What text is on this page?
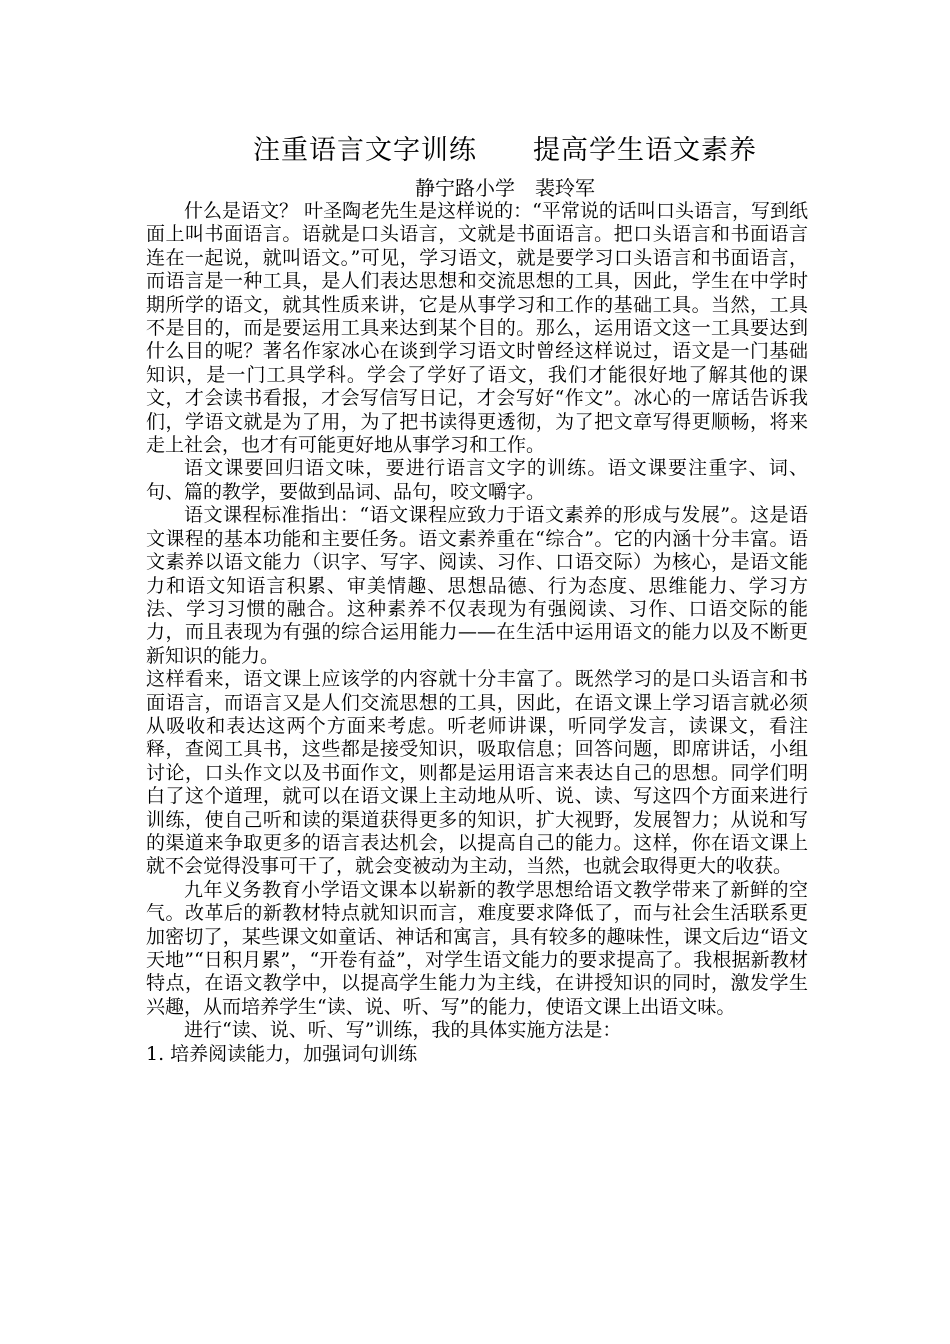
注重语言文字训练　　提高学生语文素养
静宁路小学　裴玲军

什么是语文？ 叶圣陶老先生是这样说的：“平常说的话叫口头语言，写到纸面上叫书面语言。语就是口头语言，文就是书面语言。把口头语言和书面语言连在一起说，就叫语文。”可见，学习语文，就是要学习口头语言和书面语言，而语言是一种工具，是人们表达思想和交流思想的工具，因此，学生在中学时期所学的语文，就其性质来讲，它是从事学习和工作的基础工具。当然，工具不是目的，而是要运用工具来达到某个目的。那么，运用语文这一工具要达到什么目的呢？著名作家冰心在谈到学习语文时曾经这样说过，语文是一门基础知识，是一门工具学科。学会了学好了语文，我们才能很好地了解其他的课文，才会读书看报，才会写信写日记，才会写好“作文”。冰心的一席话告诉我们，学语文就是为了用，为了把书读得更透彻，为了把文章写得更顺畅，将来走上社会，也才有可能更好地从事学习和工作。

语文课要回归语文味，要进行语言文字的训练。语文课要注重字、词、句、篇的教学，要做到品词、品句，咬文嚼字。

语文课程标准指出：“语文课程应致力于语文素养的形成与发展”。这是语文课程的基本功能和主要任务。语文素养重在“综合”。它的内涵十分丰富。语文素养以语文能力（识字、写字、阅读、习作、口语交际）为核心，是语文能力和语文知语言积累、审美情趣、思想品德、行为态度、思维能力、学习方法、学习习惯的融合。这种素养不仅表现为有强阅读、习作、口语交际的能力，而且表现为有强的综合运用能力——在生活中运用语文的能力以及不断更新知识的能力。

这样看来，语文课上应该学的内容就十分丰富了。既然学习的是口头语言和书面语言，而语言又是人们交流思想的工具，因此，在语文课上学习语言就必须从吸收和表达这两个方面来考虑。听老师讲课，听同学发言，读课文，看注释，查阅工具书，这些都是接受知识，吸取信息；回答问题，即席讲话，小组讨论，口头作文以及书面作文，则都是运用语言来表达自己的思想。同学们明白了这个道理，就可以在语文课上主动地从听、说、读、写这四个方面来进行训练，使自己听和读的渠道获得更多的知识，扩大视野，发展智力；从说和写的渠道来争取更多的语言表达机会，以提高自己的能力。这样，你在语文课上就不会觉得没事可干了，就会变被动为主动，当然，也就会取得更大的收获。

九年义务教育小学语文课本以崭新的教学思想给语文教学带来了新鲜的空气。改革后的新教材特点就知识而言，难度要求降低了，而与社会生活联系更加密切了，某些课文如童话、神话和寓言，具有较多的趣味性，课文后边“语文天地”“日积月累”，“开卷有益”，对学生语文能力的要求提高了。我根据新教材特点，在语文教学中，以提高学生能力为主线，在讲授知识的同时，激发学生兴趣，从而培养学生“读、说、听、写”的能力，使语文课上出语文味。

进行“读、说、听、写”训练，我的具体实施方法是：

1. 培养阅读能力，加强词句训练
